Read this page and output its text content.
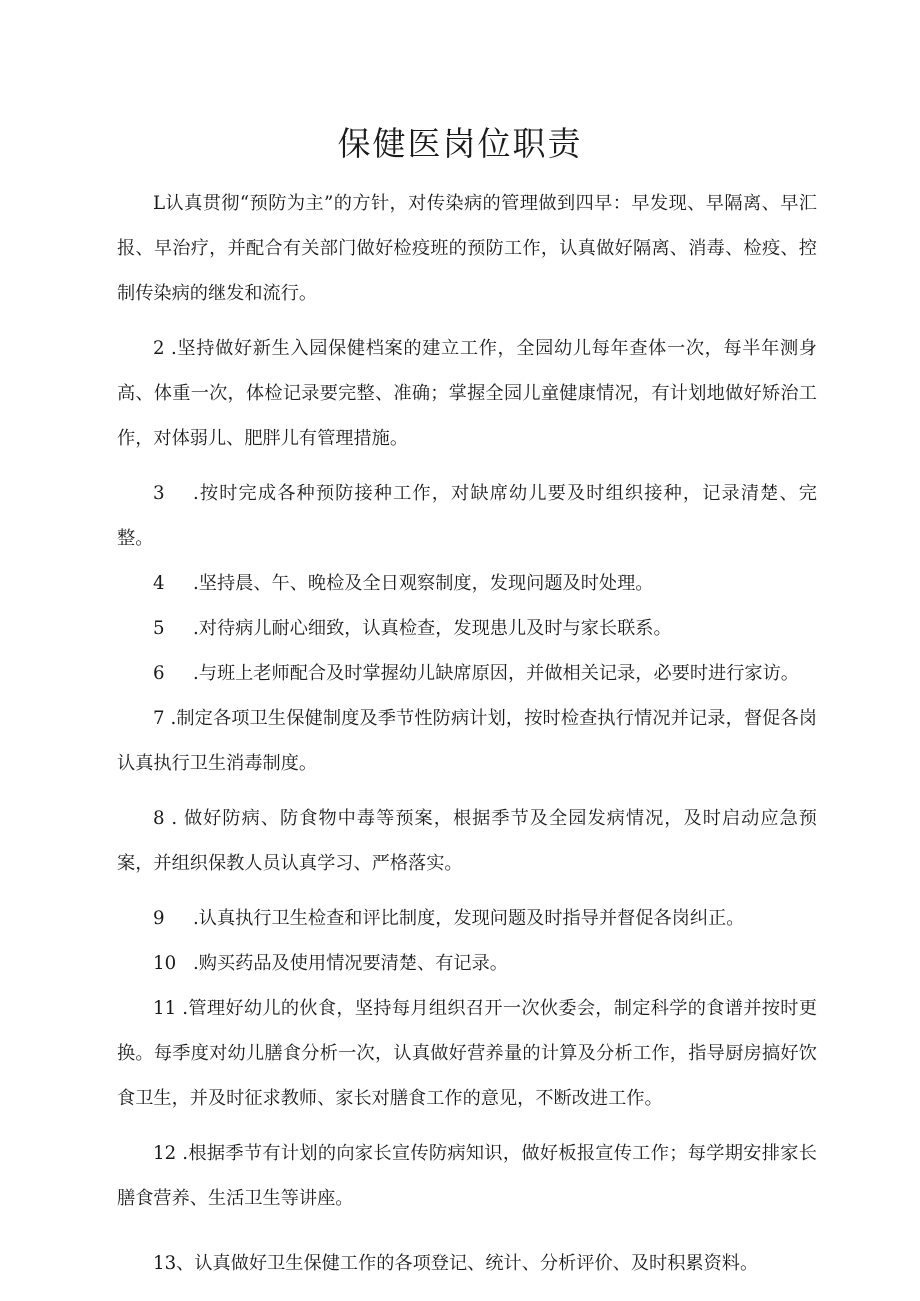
保健医岗位职责

L认真贯彻“预防为主”的方针，对传染病的管理做到四早：早发现、早隔离、早汇报、早治疗，并配合有关部门做好检疫班的预防工作，认真做好隔离、消毒、检疫、控制传染病的继发和流行。

2 .坚持做好新生入园保健档案的建立工作，全园幼儿每年查体一次，每半年测身高、体重一次，体检记录要完整、准确；掌握全园儿童健康情况，有计划地做好矫治工作，对体弱儿、肥胖儿有管理措施。

3 .按时完成各种预防接种工作，对缺席幼儿要及时组织接种，记录清楚、完整。

4 .坚持晨、午、晚检及全日观察制度，发现问题及时处理。

5 .对待病儿耐心细致，认真检查，发现患儿及时与家长联系。

6 .与班上老师配合及时掌握幼儿缺席原因，并做相关记录，必要时进行家访。

7 .制定各项卫生保健制度及季节性防病计划，按时检查执行情况并记录，督促各岗认真执行卫生消毒制度。

8 . 做好防病、防食物中毒等预案，根据季节及全园发病情况，及时启动应急预案，并组织保教人员认真学习、严格落实。

9 .认真执行卫生检查和评比制度，发现问题及时指导并督促各岗纠正。

10 .购买药品及使用情况要清楚、有记录。

11 .管理好幼儿的伙食，坚持每月组织召开一次伙委会，制定科学的食谱并按时更换。每季度对幼儿膳食分析一次，认真做好营养量的计算及分析工作，指导厨房搞好饮食卫生，并及时征求教师、家长对膳食工作的意见，不断改进工作。

12 .根据季节有计划的向家长宣传防病知识，做好板报宣传工作；每学期安排家长膳食营养、生活卫生等讲座。

13、认真做好卫生保健工作的各项登记、统计、分析评价、及时积累资料。
